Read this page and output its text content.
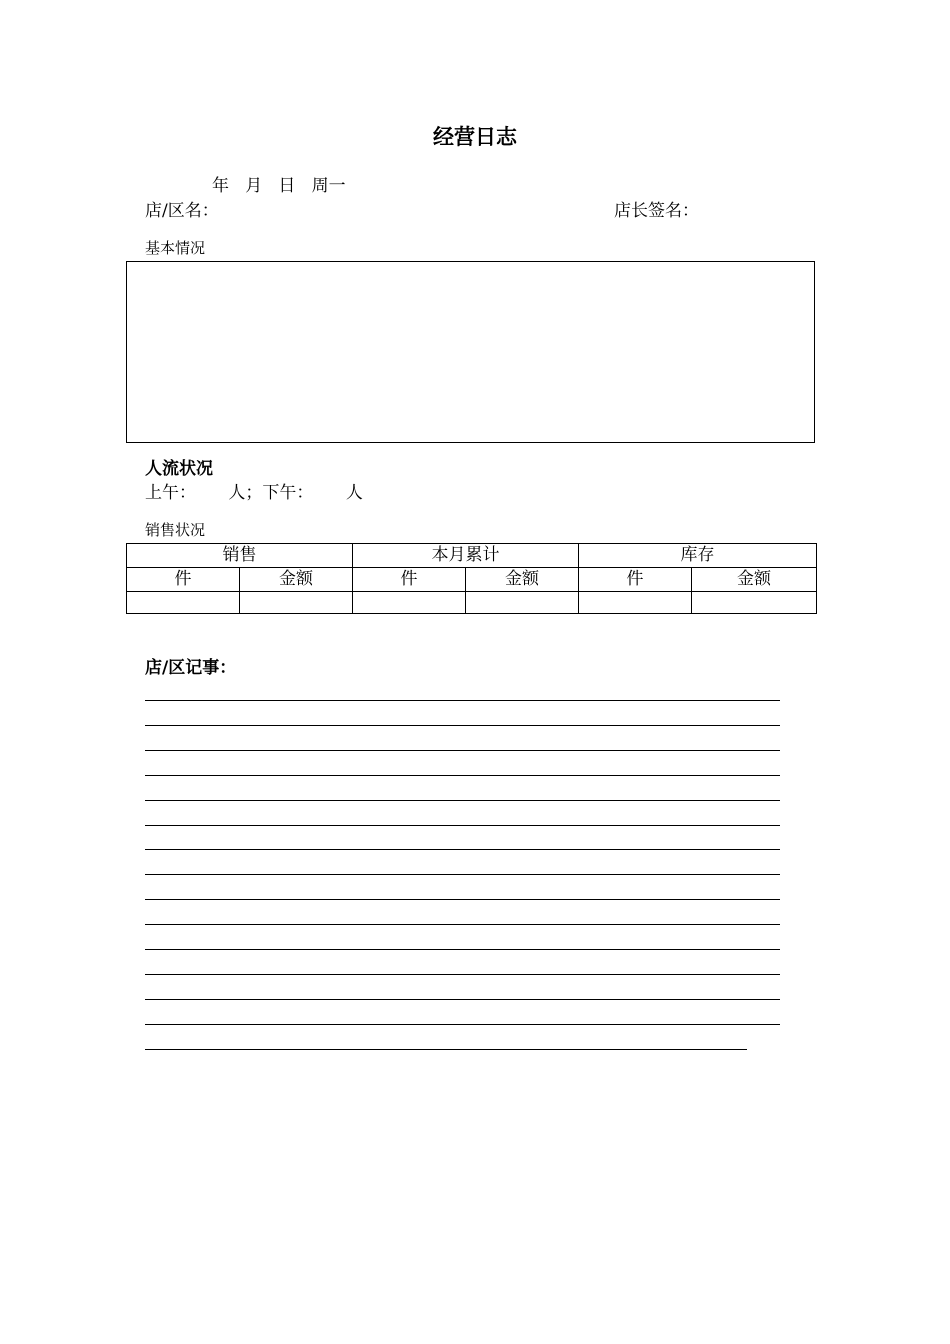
经营日志
年   月   日   周一
店/区名：	店长签名：
基本情况
人流状况
上午：      人；下午：      人
销售状况
销售		本月累计		库存	
件	金额	件	金额	件	金额

店/区记事：
